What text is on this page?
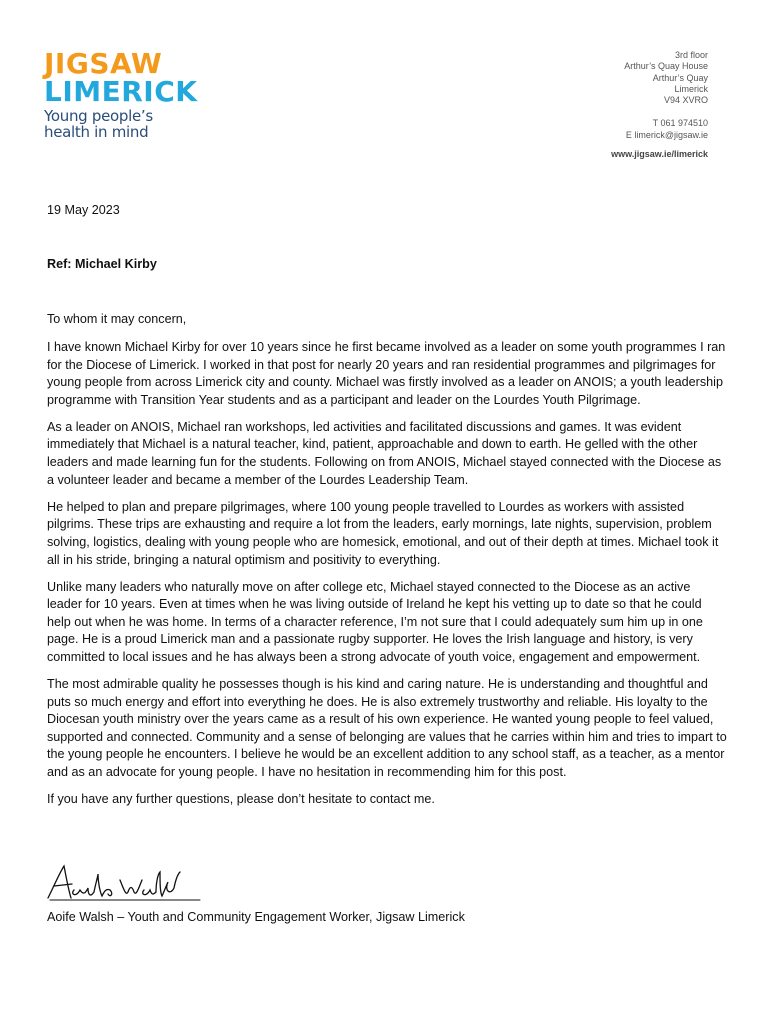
JIGSAW
LIMERICK
Young people’s
health in mind
3rd floor
Arthur’s Quay House
Arthur’s Quay
Limerick
V94 XVRO
T 061 974510
E limerick@jigsaw.ie
www.jigsaw.ie/limerick
19 May 2023
Ref: Michael Kirby
To whom it may concern,

I have known Michael Kirby for over 10 years since he first became involved as a leader on some youth programmes I ran for the Diocese of Limerick. I worked in that post for nearly 20 years and ran residential programmes and pilgrimages for young people from across Limerick city and county. Michael was firstly involved as a leader on ANOIS; a youth leadership programme with Transition Year students and as a participant and leader on the Lourdes Youth Pilgrimage.

As a leader on ANOIS, Michael ran workshops, led activities and facilitated discussions and games. It was evident immediately that Michael is a natural teacher, kind, patient, approachable and down to earth. He gelled with the other leaders and made learning fun for the students. Following on from ANOIS, Michael stayed connected with the Diocese as a volunteer leader and became a member of the Lourdes Leadership Team.

He helped to plan and prepare pilgrimages, where 100 young people travelled to Lourdes as workers with assisted pilgrims. These trips are exhausting and require a lot from the leaders, early mornings, late nights, supervision, problem solving, logistics, dealing with young people who are homesick, emotional, and out of their depth at times. Michael took it all in his stride, bringing a natural optimism and positivity to everything.

Unlike many leaders who naturally move on after college etc, Michael stayed connected to the Diocese as an active leader for 10 years. Even at times when he was living outside of Ireland he kept his vetting up to date so that he could help out when he was home. In terms of a character reference, I’m not sure that I could adequately sum him up in one page. He is a proud Limerick man and a passionate rugby supporter. He loves the Irish language and history, is very committed to local issues and he has always been a strong advocate of youth voice, engagement and empowerment.

The most admirable quality he possesses though is his kind and caring nature. He is understanding and thoughtful and puts so much energy and effort into everything he does. He is also extremely trustworthy and reliable. His loyalty to the Diocesan youth ministry over the years came as a result of his own experience. He wanted young people to feel valued, supported and connected. Community and a sense of belonging are values that he carries within him and tries to impart to the young people he encounters. I believe he would be an excellent addition to any school staff, as a teacher, as a mentor and as an advocate for young people. I have no hesitation in recommending him for this post.

If you have any further questions, please don’t hesitate to contact me.

Aoife Walsh – Youth and Community Engagement Worker, Jigsaw Limerick
